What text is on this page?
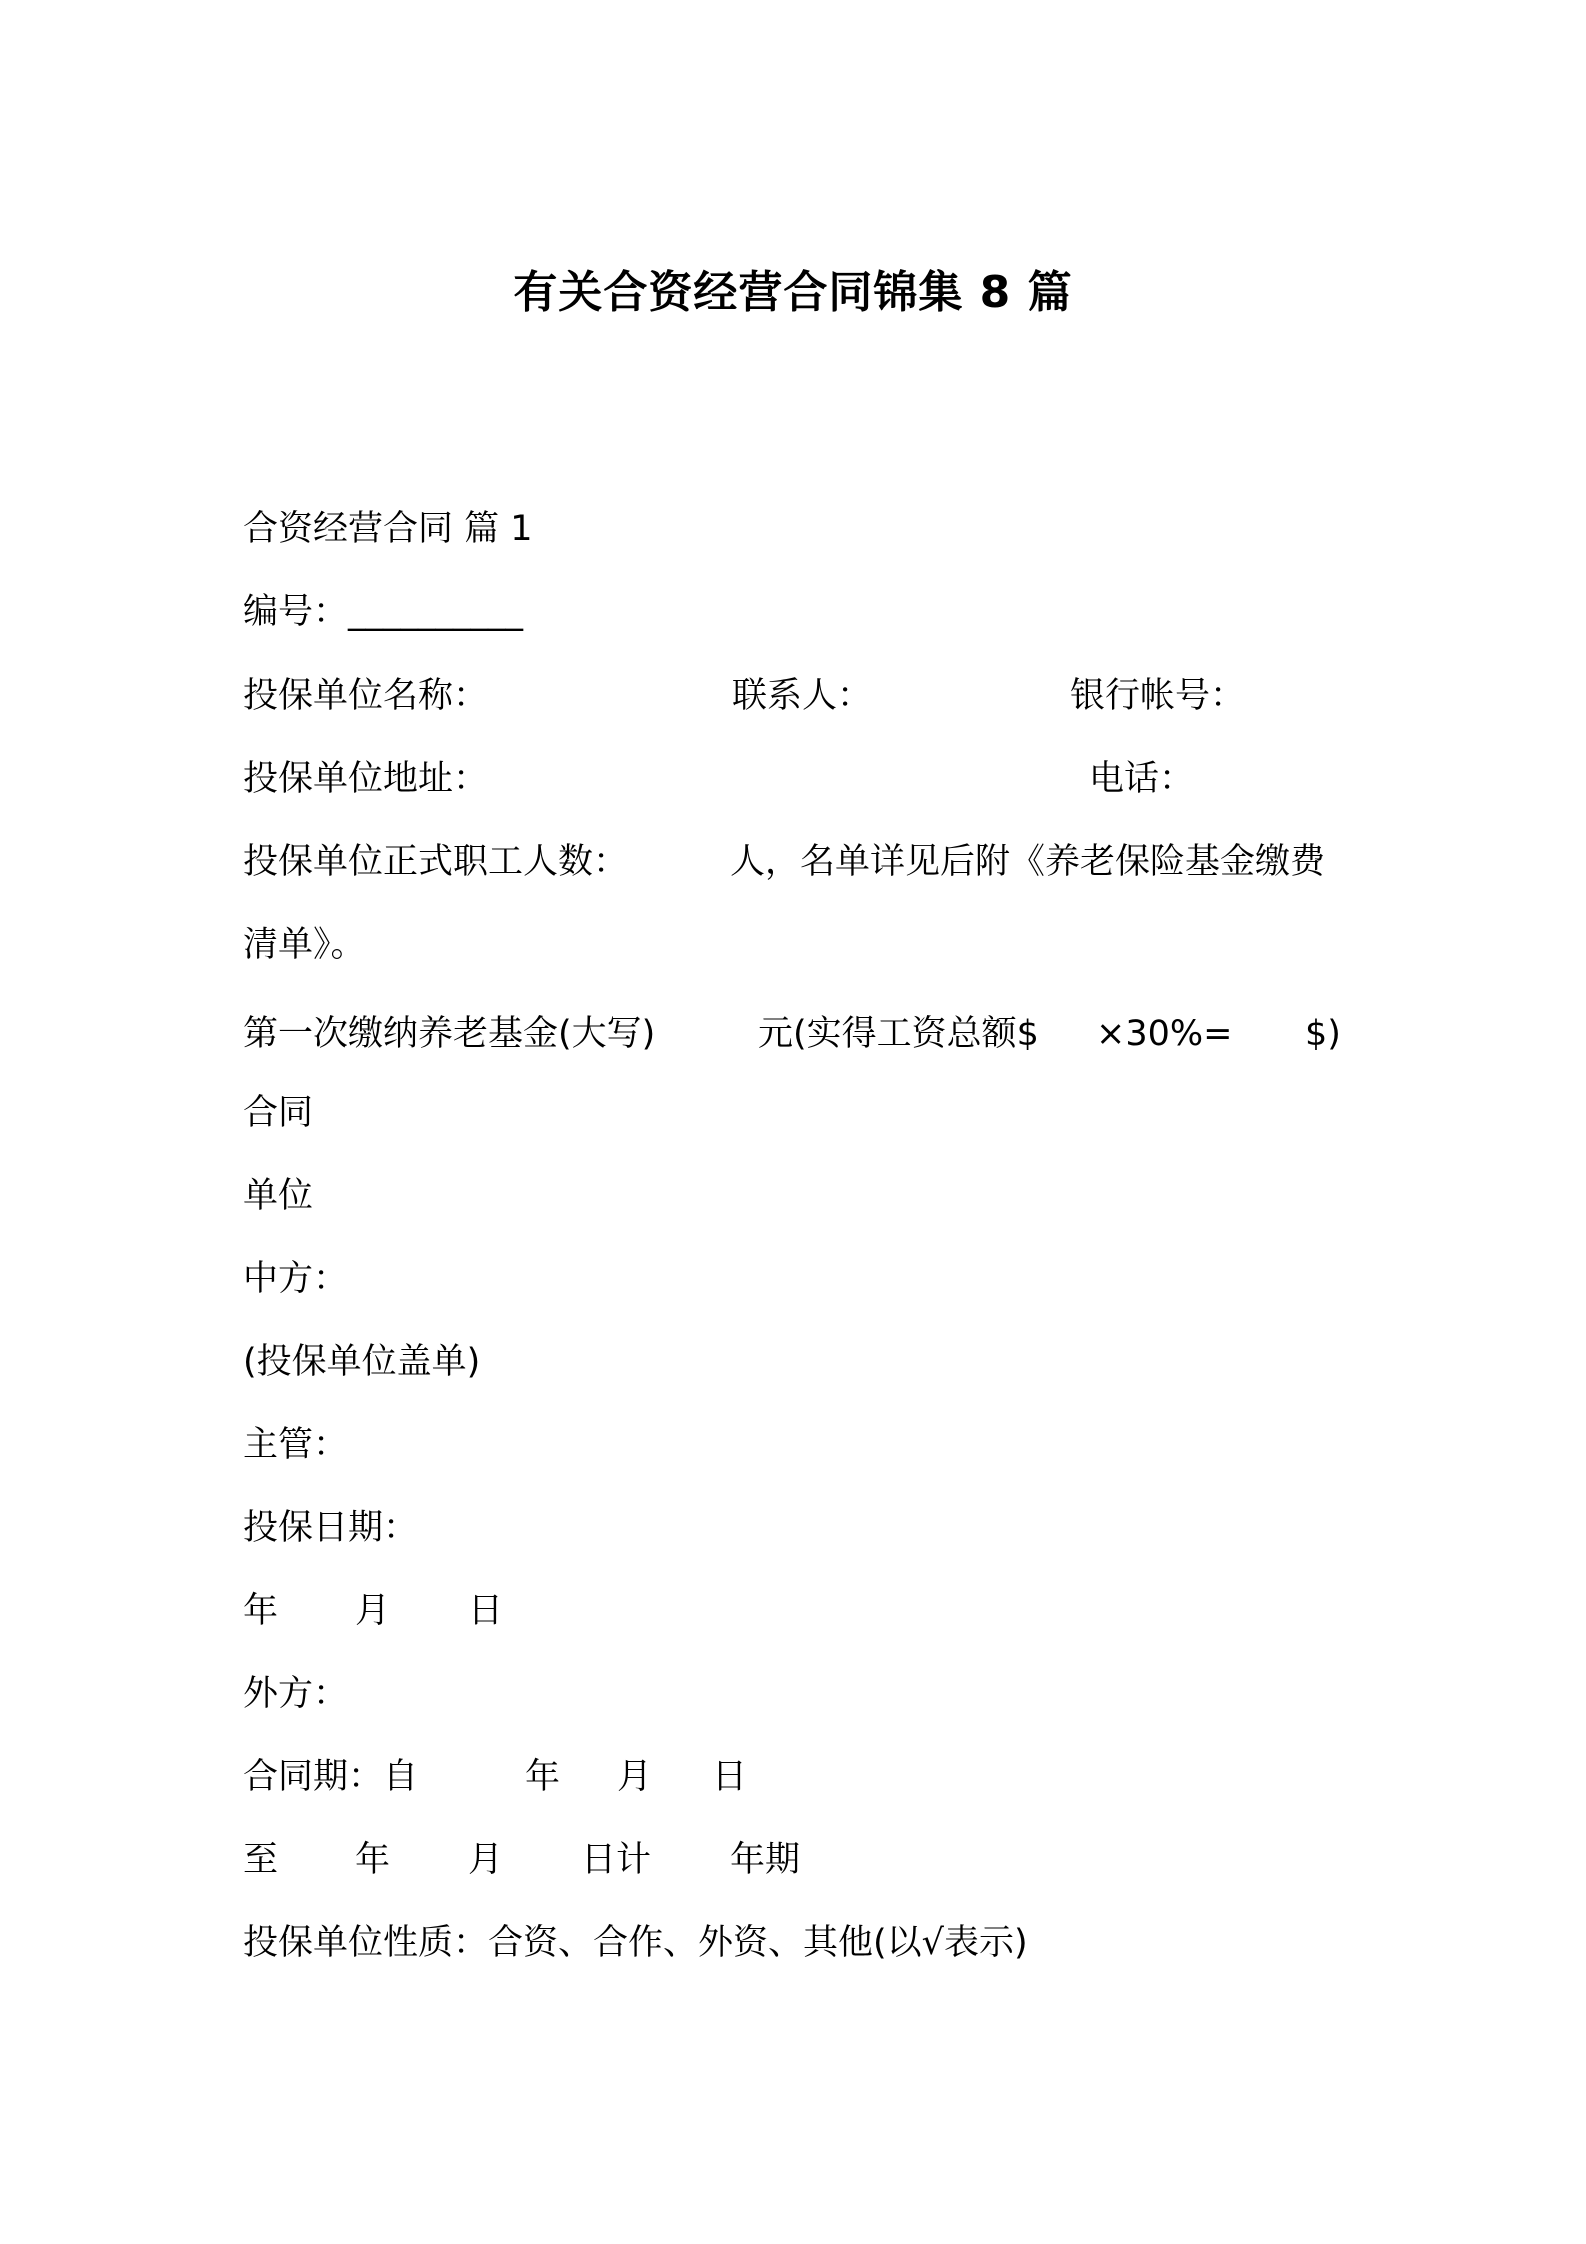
有关合资经营合同锦集 8 篇
合资经营合同 篇 1
编号：__________
投保单位名称：	联系人：	银行帐号：
投保单位地址：	电话：
投保单位正式职工人数：	人，名单详见后附《养老保险基金缴费
清单》。
第一次缴纳养老基金(大写)	元(实得工资总额$ ×30%= $)
合同
单位
中方：
(投保单位盖单)
主管：
投保日期：
年 月 日
外方：
合同期：自	年 月 日
至 年 月 日计 年期
投保单位性质：合资、合作、外资、其他(以√表示)
